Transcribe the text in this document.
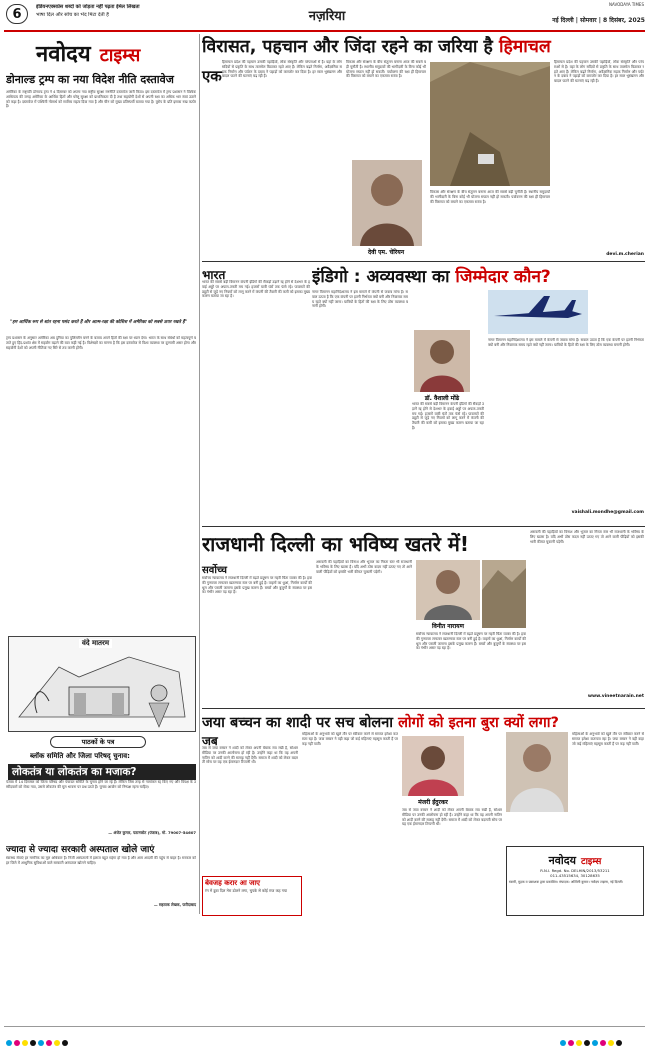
6	इंडियनएक्सप्रेस शब्दों को जोड़ता नहीं पढ़ता ईमेल लिखता
भाषा दिल और सोच का भेद मिटा देती है	नज़रिया
NAVODAYA TIMES
नई दिल्ली | सोमवार | 8 दिसंबर, 2025
नवोदय टाइम्स
डोनाल्ड ट्रम्प का नया विदेश नीति दस्तावेज
अमेरिका के राष्ट्रपति डोनाल्ड ट्रम्प ने 4 दिसम्बर को अपना नया राष्ट्रीय सुरक्षा रणनीति दस्तावेज जारी किया। इस दस्तावेज में ट्रम्प प्रशासन ने वैश्विक आधिपत्य की जगह अमेरिका के आर्थिक हितों और घरेलू सुरक्षा को प्राथमिकता दी है तथा सहयोगी देशों से अपनी रक्षा का अधिक भार स्वयं उठाने को कहा है। दस्तावेज में पश्चिमी गोलार्ध को सर्वोच्च महत्व दिया गया है और चीन को मुख्य प्रतिस्पर्धी बताया गया है। यूरोप के प्रति इसका रुख कठोर है।
"हम आर्थिक रूप से शांत रहना पसंद करते हैं और आत्म-रक्षा की कोशिश में अमेरिका को सबसे ऊपर रखते हैं"
ट्रम्प प्रशासन के अनुसार अमेरिका अब दुनिया का पुलिसमैन बनने के बजाय अपने हितों की रक्षा पर ध्यान देगा। भारत के साथ संबंधों को महत्वपूर्ण बताते हुए हिंद-प्रशांत क्षेत्र में सहयोग बढ़ाने की बात कही गई है। विशेषज्ञों का मानना है कि इस दस्तावेज से विश्व व्यवस्था पर दूरगामी असर होगा और सहयोगी देशों को अपनी नीतियां नए सिरे से तय करनी होंगी।
वंदे मातरम
पाठकों के पत्र
ब्लॉक समिति और जिला परिषद् चुनाव:
लोकतंत्र या लोकतंत्र का मजाक?
पंजाब में 14 दिसम्बर को जिला परिषद और पंचायत समिति के चुनाव होने जा रहे हैं। लेकिन जिस तरह से नामांकन रद्द किए गए और विपक्ष के उम्मीदवारों को रोका गया, उससे लोकतंत्र की मूल भावना पर प्रश्न उठते हैं। चुनाव आयोग को निष्पक्ष रहना चाहिए।
— अंजेत कुमार, पठानकोट (पंजाब), मो. 79007-54607
ज्यादा से ज्यादा सरकारी अस्पताल खोले जाएं
स्वास्थ्य सेवाएं हर नागरिक का मूल अधिकार हैं। निजी अस्पतालों में इलाज बहुत महंगा हो गया है और आम आदमी की पहुंच से बाहर है। सरकार को हर जिले में आधुनिक सुविधाओं वाले सरकारी अस्पताल खोलने चाहिए।
— सहायक लेखक, फरीदाबाद
विरासत, पहचान और जिंदा रहने का जरिया है हिमाचल
एक
हिमाचल प्रदेश की पहचान उसकी पहाड़ियों, लोक संस्कृति और परंपराओं से है। यहां के लोग सदियों से प्रकृति के साथ तालमेल बिठाकर रहते आए हैं। लेकिन बढ़ते निर्माण, अवैज्ञानिक सड़क निर्माण और पर्यटन के दबाव ने पहाड़ों को कमजोर कर दिया है। हर साल भूस्खलन और बादल फटने की घटनाएं बढ़ रही हैं।
विकास और संरक्षण के बीच संतुलन बनाना आज की सबसे बड़ी चुनौती है। स्थानीय समुदायों की भागीदारी के बिना कोई भी योजना सफल नहीं हो सकती। पर्यावरण की रक्षा ही हिमाचल की विरासत को बचाने का एकमात्र रास्ता है।
देवी एम. चेरियन
विकास और संरक्षण के बीच संतुलन बनाना आज की सबसे बड़ी चुनौती है। स्थानीय समुदायों की भागीदारी के बिना कोई भी योजना सफल नहीं हो सकती। पर्यावरण की रक्षा ही हिमाचल की विरासत को बचाने का एकमात्र रास्ता है।
हिमाचल प्रदेश की पहचान उसकी पहाड़ियों, लोक संस्कृति और परंपराओं से है। यहां के लोग सदियों से प्रकृति के साथ तालमेल बिठाकर रहते आए हैं। लेकिन बढ़ते निर्माण, अवैज्ञानिक सड़क निर्माण और पर्यटन के दबाव ने पहाड़ों को कमजोर कर दिया है। हर साल भूस्खलन और बादल फटने की घटनाएं बढ़ रही हैं।
devi.m.cherian
भारत
भारत की सबसे बड़ी विमानन कंपनी इंडिगो की सैकड़ों उड़ानें रद्द होने से देशभर के हवाई अड्डों पर अफरा-तफरी मच गई। हजारों यात्री घंटों तक फंसे रहे। पायलटों की ड्यूटी से जुड़े नए नियमों को लागू करने में कंपनी की तैयारी की कमी को इसका मुख्य कारण बताया जा रहा है।
इंडिगो : अव्यवस्था का जिम्मेदार कौन?
डॉ. वैशाली मोंढे
नागर विमानन महानिदेशालय ने इस मामले में कंपनी से जवाब मांगा है। सवाल उठता है कि एक कंपनी पर इतनी निर्भरता क्यों बनी और नियामक समय रहते क्यों नहीं जागा। यात्रियों के हितों की रक्षा के लिए ठोस व्यवस्था बनानी होगी।
भारत की सबसे बड़ी विमानन कंपनी इंडिगो की सैकड़ों उड़ानें रद्द होने से देशभर के हवाई अड्डों पर अफरा-तफरी मच गई। हजारों यात्री घंटों तक फंसे रहे। पायलटों की ड्यूटी से जुड़े नए नियमों को लागू करने में कंपनी की तैयारी की कमी को इसका मुख्य कारण बताया जा रहा है।
नागर विमानन महानिदेशालय ने इस मामले में कंपनी से जवाब मांगा है। सवाल उठता है कि एक कंपनी पर इतनी निर्भरता क्यों बनी और नियामक समय रहते क्यों नहीं जागा। यात्रियों के हितों की रक्षा के लिए ठोस व्यवस्था बनानी होगी।
vaishali.mondhe@gmail.com
राजधानी दिल्ली का भविष्य खतरे में!
सर्वोच्च
सर्वोच्च न्यायालय ने राजधानी दिल्ली में बढ़ते प्रदूषण पर गहरी चिंता व्यक्त की है। हवा की गुणवत्ता लगातार खतरनाक स्तर पर बनी हुई है। वाहनों का धुआं, निर्माण कार्यों की धूल और पराली जलाना इसके प्रमुख कारण हैं। बच्चों और बुजुर्गों के स्वास्थ्य पर इसका गंभीर असर पड़ रहा है।
अरावली की पहाड़ियों का विनाश और भूजल का गिरता स्तर भी राजधानी के भविष्य के लिए खतरा है। यदि अभी ठोस कदम नहीं उठाए गए तो आने वाली पीढ़ियों को इसकी भारी कीमत चुकानी पड़ेगी।
विनीत नारायण
सर्वोच्च न्यायालय ने राजधानी दिल्ली में बढ़ते प्रदूषण पर गहरी चिंता व्यक्त की है। हवा की गुणवत्ता लगातार खतरनाक स्तर पर बनी हुई है। वाहनों का धुआं, निर्माण कार्यों की धूल और पराली जलाना इसके प्रमुख कारण हैं। बच्चों और बुजुर्गों के स्वास्थ्य पर इसका गंभीर असर पड़ रहा है।
अरावली की पहाड़ियों का विनाश और भूजल का गिरता स्तर भी राजधानी के भविष्य के लिए खतरा है। यदि अभी ठोस कदम नहीं उठाए गए तो आने वाली पीढ़ियों को इसकी भारी कीमत चुकानी पड़ेगी।
www.vineetnarain.net
जया बच्चन का शादी पर सच बोलना लोगों को इतना बुरा क्यों लगा?
जब
जब से जया बच्चन ने शादी को लेकर अपनी बेबाक राय रखी है, सोशल मीडिया पर उनकी आलोचना हो रही है। उन्होंने कहा था कि वह अपनी नातिन को शादी करने की सलाह नहीं देंगी। समाज में शादी को लेकर बदलती सोच पर यह एक ईमानदार टिप्पणी थी।
बेवजह करार आ जाए
रंग में डूबा दिल मेरा डोलने लगा, चुपके से कोई राज कह गया
महिलाओं के अनुभवों को खुले तौर पर स्वीकार करने से समाज हमेशा कतराता रहा है। जया बच्चन ने वही कहा जो कई महिलाएं महसूस करती हैं पर कह नहीं पातीं।
मंजरी ईंदुरकर
जब से जया बच्चन ने शादी को लेकर अपनी बेबाक राय रखी है, सोशल मीडिया पर उनकी आलोचना हो रही है। उन्होंने कहा था कि वह अपनी नातिन को शादी करने की सलाह नहीं देंगी। समाज में शादी को लेकर बदलती सोच पर यह एक ईमानदार टिप्पणी थी।
महिलाओं के अनुभवों को खुले तौर पर स्वीकार करने से समाज हमेशा कतराता रहा है। जया बच्चन ने वही कहा जो कई महिलाएं महसूस करती हैं पर कह नहीं पातीं।
नवोदय टाइम्स
R.N.I. Regd. No. DELHIN/2013/53211
011-43515634, 30128635
स्वामी, मुद्रक व प्रकाशक द्वारा प्रकाशित। संपादक: अश्विनी कुमार। नवोदय टाइम्स, नई दिल्ली।
